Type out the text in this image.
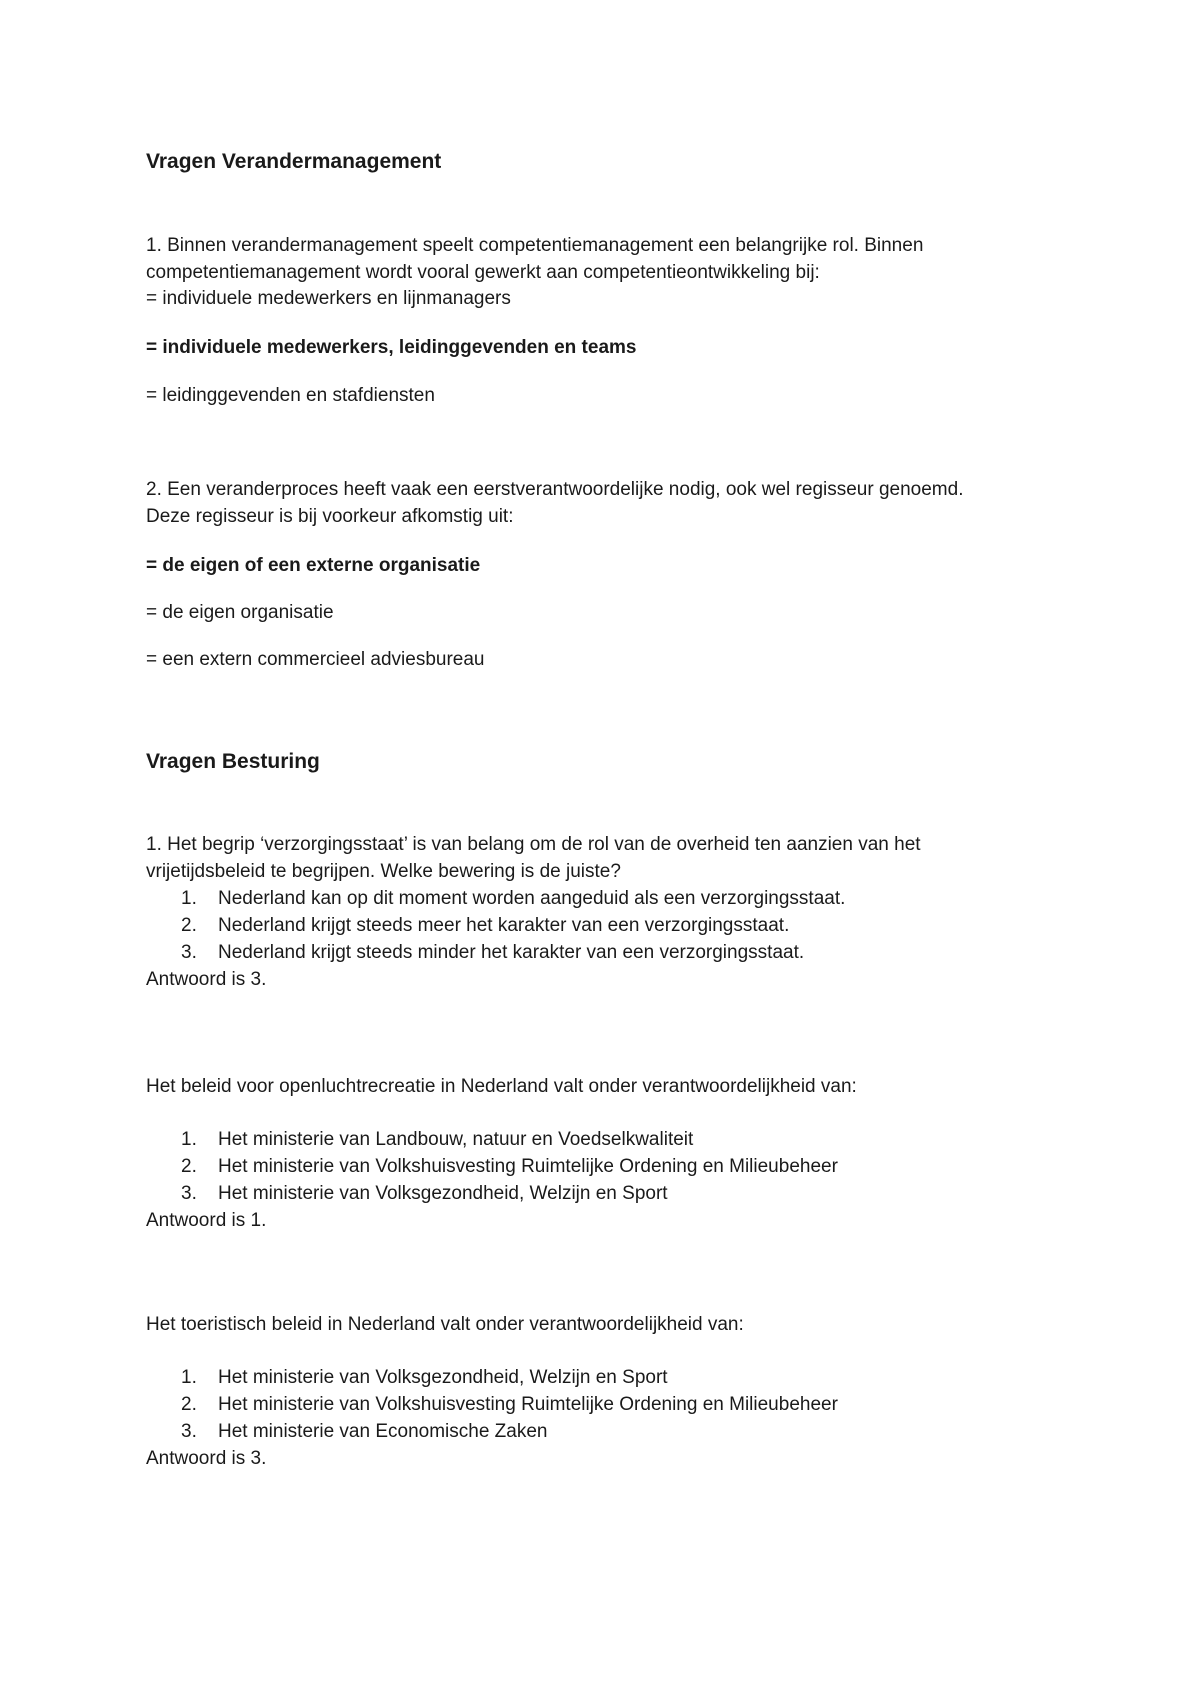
Vragen Verandermanagement
1. Binnen verandermanagement speelt competentiemanagement een belangrijke rol. Binnen
competentiemanagement wordt vooral gewerkt aan competentieontwikkeling bij:
= individuele medewerkers en lijnmanagers
= individuele medewerkers, leidinggevenden en teams
= leidinggevenden en stafdiensten
2. Een veranderproces heeft vaak een eerstverantwoordelijke nodig, ook wel regisseur genoemd.
Deze regisseur is bij voorkeur afkomstig uit:
= de eigen of een externe organisatie
= de eigen organisatie
= een extern commercieel adviesbureau
Vragen Besturing
1. Het begrip ‘verzorgingsstaat’ is van belang om de rol van de overheid ten aanzien van het
vrijetijdsbeleid te begrijpen. Welke bewering is de juiste?
1. Nederland kan op dit moment worden aangeduid als een verzorgingsstaat.
2. Nederland krijgt steeds meer het karakter van een verzorgingsstaat.
3. Nederland krijgt steeds minder het karakter van een verzorgingsstaat.
Antwoord is 3.
Het beleid voor openluchtrecreatie in Nederland valt onder verantwoordelijkheid van:
1. Het ministerie van Landbouw, natuur en Voedselkwaliteit
2. Het ministerie van Volkshuisvesting Ruimtelijke Ordening en Milieubeheer
3. Het ministerie van Volksgezondheid, Welzijn en Sport
Antwoord is 1.
Het toeristisch beleid in Nederland valt onder verantwoordelijkheid van:
1. Het ministerie van Volksgezondheid, Welzijn en Sport
2. Het ministerie van Volkshuisvesting Ruimtelijke Ordening en Milieubeheer
3. Het ministerie van Economische Zaken
Antwoord is 3.
